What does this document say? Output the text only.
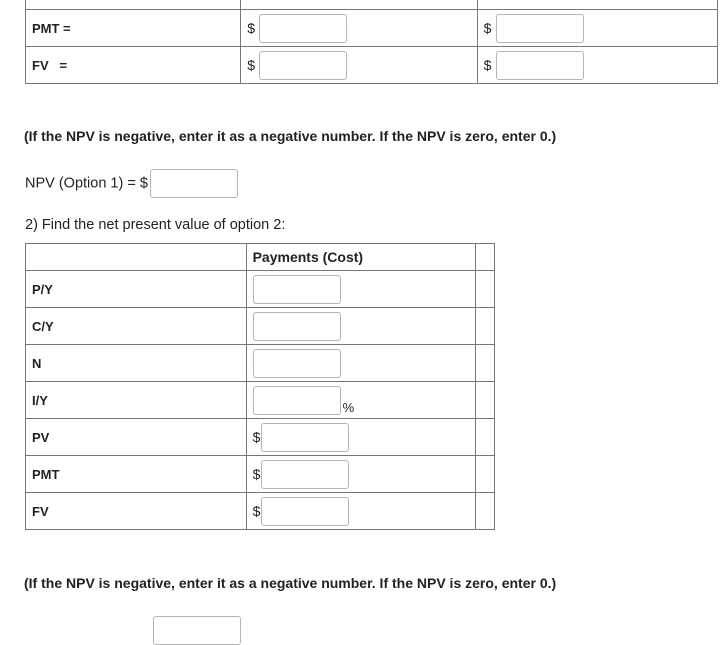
PMT =	$	$
FV   =	$	$
(If the NPV is negative, enter it as a negative number. If the NPV is zero, enter 0.)
NPV (Option 1) = $
2) Find the net present value of option 2:
	Payments (Cost)	
P/Y		
C/Y		
N		
I/Y	%	
PV	$	
PMT	$	
FV	$	
(If the NPV is negative, enter it as a negative number. If the NPV is zero, enter 0.)
